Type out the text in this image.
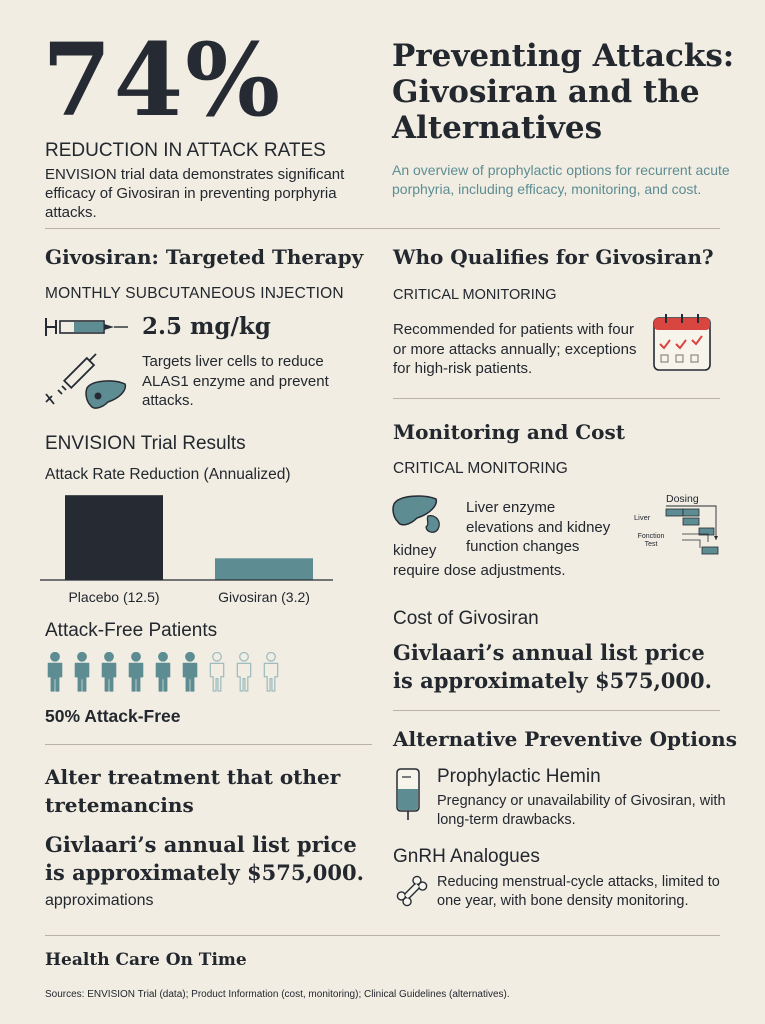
74%
REDUCTION IN ATTACK RATES
ENVISION trial data demonstrates significant efficacy of Givosiran in preventing porphyria attacks.
Preventing Attacks: Givosiran and the Alternatives
An overview of prophylactic options for recurrent acute porphyria, including efficacy, monitoring, and cost.
Givosiran: Targeted Therapy
MONTHLY SUBCUTANEOUS INJECTION
2.5 mg/kg
Targets liver cells to reduce ALAS1 enzyme and prevent attacks.
ENVISION Trial Results
Attack Rate Reduction (Annualized)
Placebo (12.5)	Givosiran (3.2)
Attack-Free Patients
50% Attack-Free
Alter treatment that other tretemancins
Givlaari’s annual list price is approximately $575,000.
approximations
Who Qualifies for Givosiran?
CRITICAL MONITORING
Recommended for patients with four or more attacks annually; exceptions for high-risk patients.
Monitoring and Cost
CRITICAL MONITORING
Liver enzyme elevations and kidney function changes
kidney
require dose adjustments.
Dosing
Liver
Fonction
Test
Cost of Givosiran
Givlaari’s annual list price is approximately $575,000.
Alternative Preventive Options
Prophylactic Hemin
Pregnancy or unavailability of Givosiran, with long-term drawbacks.
GnRH Analogues
Reducing menstrual-cycle attacks, limited to one year, with bone density monitoring.
Health Care On Time
Sources: ENVISION Trial (data); Product Information (cost, monitoring); Clinical Guidelines (alternatives).
